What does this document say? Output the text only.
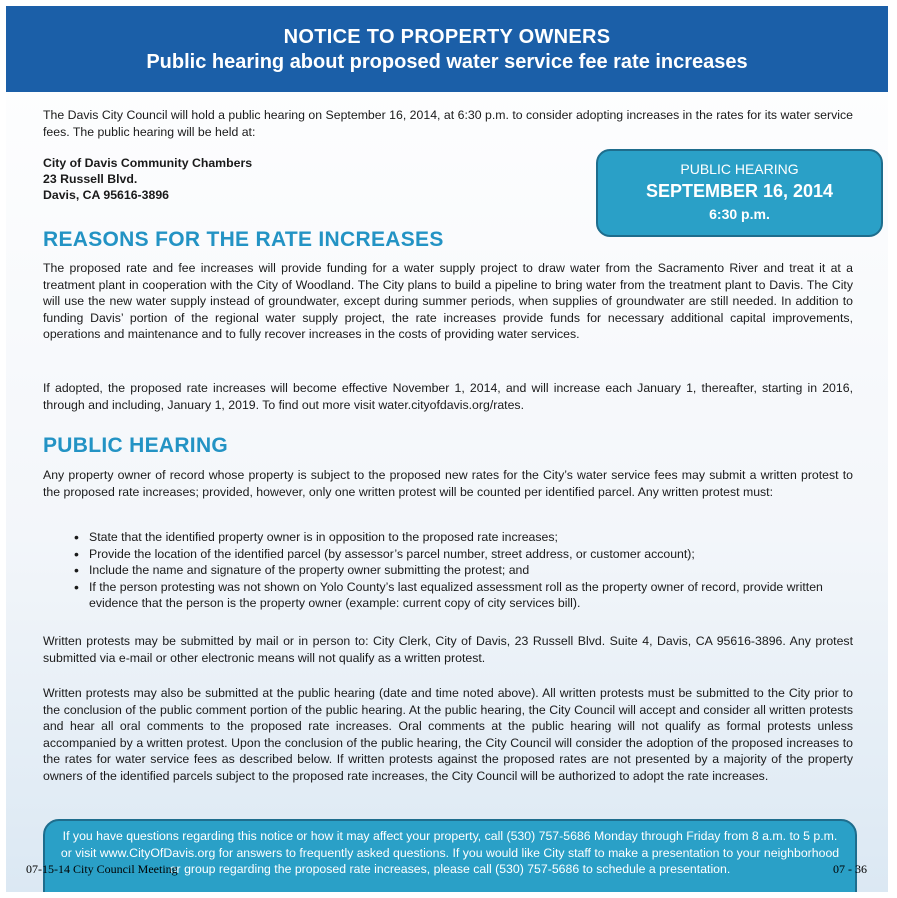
NOTICE TO PROPERTY OWNERS
Public hearing about proposed water service fee rate increases

The Davis City Council will hold a public hearing on September 16, 2014, at 6:30 p.m. to consider adopting increases in the rates for its water service fees. The public hearing will be held at:

City of Davis Community Chambers
23 Russell Blvd.
Davis, CA 95616-3896
PUBLIC HEARING
SEPTEMBER 16, 2014
6:30 p.m.
REASONS FOR THE RATE INCREASES

The proposed rate and fee increases will provide funding for a water supply project to draw water from the Sacramento River and treat it at a treatment plant in cooperation with the City of Woodland. The City plans to build a pipeline to bring water from the treatment plant to Davis. The City will use the new water supply instead of groundwater, except during summer periods, when supplies of groundwater are still needed. In addition to funding Davis’ portion of the regional water supply project, the rate increases provide funds for necessary additional capital improvements, operations and maintenance and to fully recover increases in the costs of providing water services.

If adopted, the proposed rate increases will become effective November 1, 2014, and will increase each January 1, thereafter, starting in 2016, through and including, January 1, 2019. To find out more visit water.cityofdavis.org/rates.

PUBLIC HEARING

Any property owner of record whose property is subject to the proposed new rates for the City’s water service fees may submit a written protest to the proposed rate increases; provided, however, only one written protest will be counted per identified parcel. Any written protest must:

• State that the identified property owner is in opposition to the proposed rate increases;
• Provide the location of the identified parcel (by assessor’s parcel number, street address, or customer account);
• Include the name and signature of the property owner submitting the protest; and
• If the person protesting was not shown on Yolo County’s last equalized assessment roll as the property owner of record, provide written evidence that the person is the property owner (example: current copy of city services bill).

Written protests may be submitted by mail or in person to: City Clerk, City of Davis, 23 Russell Blvd. Suite 4, Davis, CA 95616-3896. Any protest submitted via e-mail or other electronic means will not qualify as a written protest.

Written protests may also be submitted at the public hearing (date and time noted above). All written protests must be submitted to the City prior to the conclusion of the public comment portion of the public hearing. At the public hearing, the City Council will accept and consider all written protests and hear all oral comments to the proposed rate increases. Oral comments at the public hearing will not qualify as formal protests unless accompanied by a written protest. Upon the conclusion of the public hearing, the City Council will consider the adoption of the proposed increases to the rates for water service fees as described below. If written protests against the proposed rates are not presented by a majority of the property owners of the identified parcels subject to the proposed rate increases, the City Council will be authorized to adopt the rate increases.

If you have questions regarding this notice or how it may affect your property, call (530) 757-5686 Monday through Friday from 8 a.m. to 5 p.m. or visit www.CityOfDavis.org for answers to frequently asked questions. If you would like City staff to make a presentation to your neighborhood or group regarding the proposed rate increases, please call (530) 757-5686 to schedule a presentation.

07-15-14 City Council Meeting	07 - 36
